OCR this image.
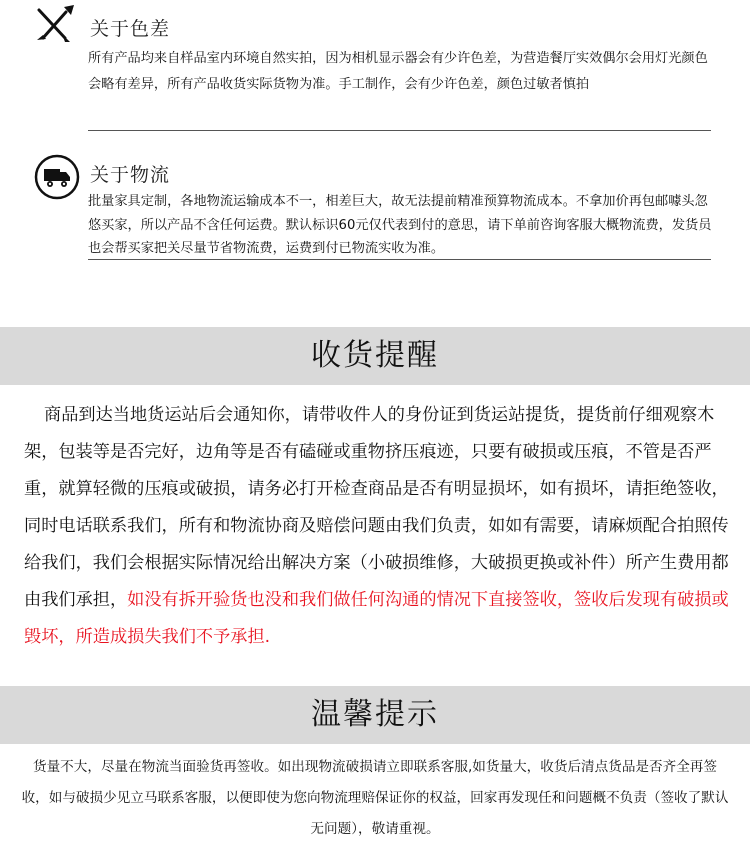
关于色差
所有产品均来自样品室内环境自然实拍，因为相机显示器会有少许色差，为营造餐厅实效偶尔会用灯光颜色会略有差异，所有产品收货实际货物为准。手工制作，会有少许色差，颜色过敏者慎拍
关于物流
批量家具定制，各地物流运输成本不一，相差巨大，故无法提前精准预算物流成本。不拿加价再包邮噱头忽悠买家，所以产品不含任何运费。默认标识60元仅代表到付的意思，请下单前咨询客服大概物流费，发货员也会帮买家把关尽量节省物流费，运费到付已物流实收为准。
收货提醒
商品到达当地货运站后会通知你，请带收件人的身份证到货运站提货，提货前仔细观察木架，包装等是否完好，边角等是否有磕碰或重物挤压痕迹，只要有破损或压痕，不管是否严重，就算轻微的压痕或破损，请务必打开检查商品是否有明显损坏，如有损坏，请拒绝签收，同时电话联系我们，所有和物流协商及赔偿问题由我们负责，如如有需要，请麻烦配合拍照传给我们，我们会根据实际情况给出解决方案（小破损维修，大破损更换或补件）所产生费用都由我们承担，如没有拆开验货也没和我们做任何沟通的情况下直接签收，签收后发现有破损或毁坏，所造成损失我们不予承担.
温馨提示
货量不大，尽量在物流当面验货再签收。如出现物流破损请立即联系客服,如货量大，收货后清点货品是否齐全再签收，如与破损少见立马联系客服，以便即使为您向物流理赔保证你的权益，回家再发现任和问题概不负责（签收了默认无问题），敬请重视。
